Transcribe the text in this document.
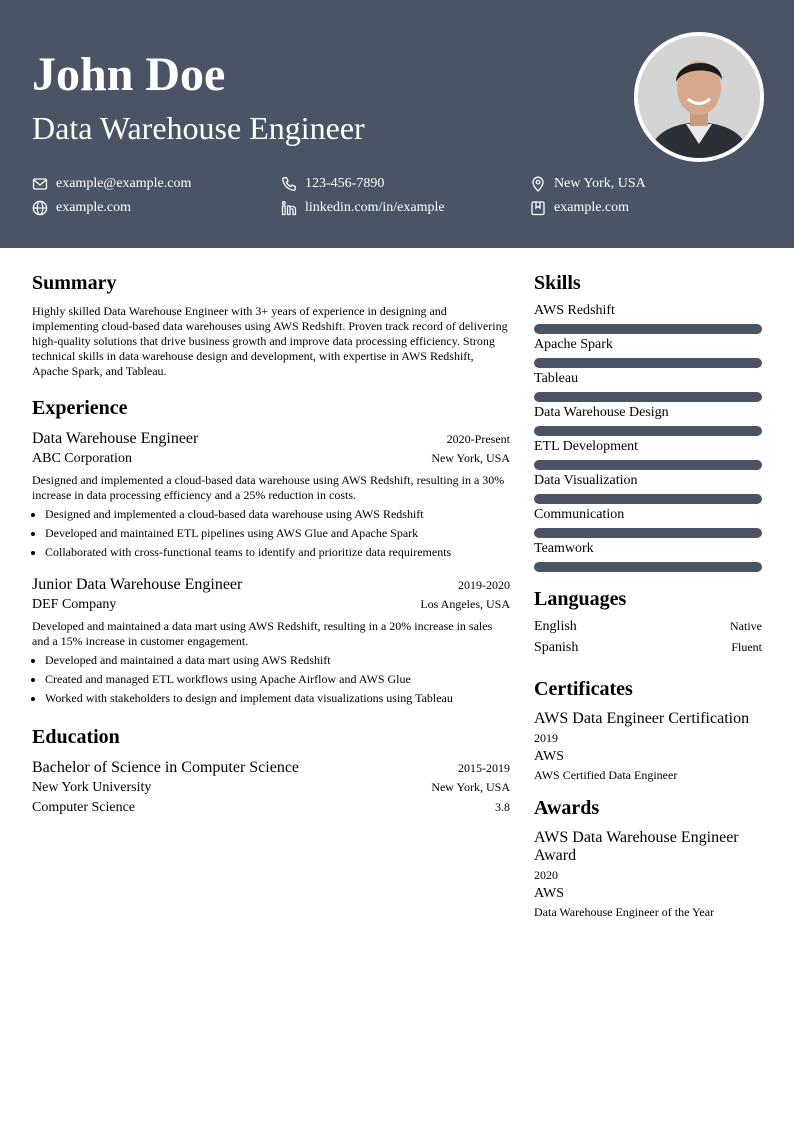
John Doe
Data Warehouse Engineer
example@example.com	123-456-7890	New York, USA
example.com	linkedin.com/in/example	example.com
Summary

Highly skilled Data Warehouse Engineer with 3+ years of experience in designing and implementing cloud-based data warehouses using AWS Redshift. Proven track record of delivering high-quality solutions that drive business growth and improve data processing efficiency. Strong technical skills in data warehouse design and development, with expertise in AWS Redshift, Apache Spark, and Tableau.

Experience
Data Warehouse Engineer	2020-Present
ABC Corporation	New York, USA

Designed and implemented a cloud-based data warehouse using AWS Redshift, resulting in a 30% increase in data processing efficiency and a 25% reduction in costs.

• Designed and implemented a cloud-based data warehouse using AWS Redshift
• Developed and maintained ETL pipelines using AWS Glue and Apache Spark
• Collaborated with cross-functional teams to identify and prioritize data requirements
Junior Data Warehouse Engineer	2019-2020
DEF Company	Los Angeles, USA

Developed and maintained a data mart using AWS Redshift, resulting in a 20% increase in sales and a 15% increase in customer engagement.

• Developed and maintained a data mart using AWS Redshift
• Created and managed ETL workflows using Apache Airflow and AWS Glue
• Worked with stakeholders to design and implement data visualizations using Tableau
Education
Bachelor of Science in Computer Science	2015-2019
New York University	New York, USA
Computer Science	3.8
Skills
AWS Redshift
Apache Spark
Tableau
Data Warehouse Design
ETL Development
Data Visualization
Communication
Teamwork
Languages
English	Native
Spanish	Fluent
Certificates
AWS Data Engineer Certification
2019
AWS
AWS Certified Data Engineer
Awards
AWS Data Warehouse Engineer Award
2020
AWS
Data Warehouse Engineer of the Year
